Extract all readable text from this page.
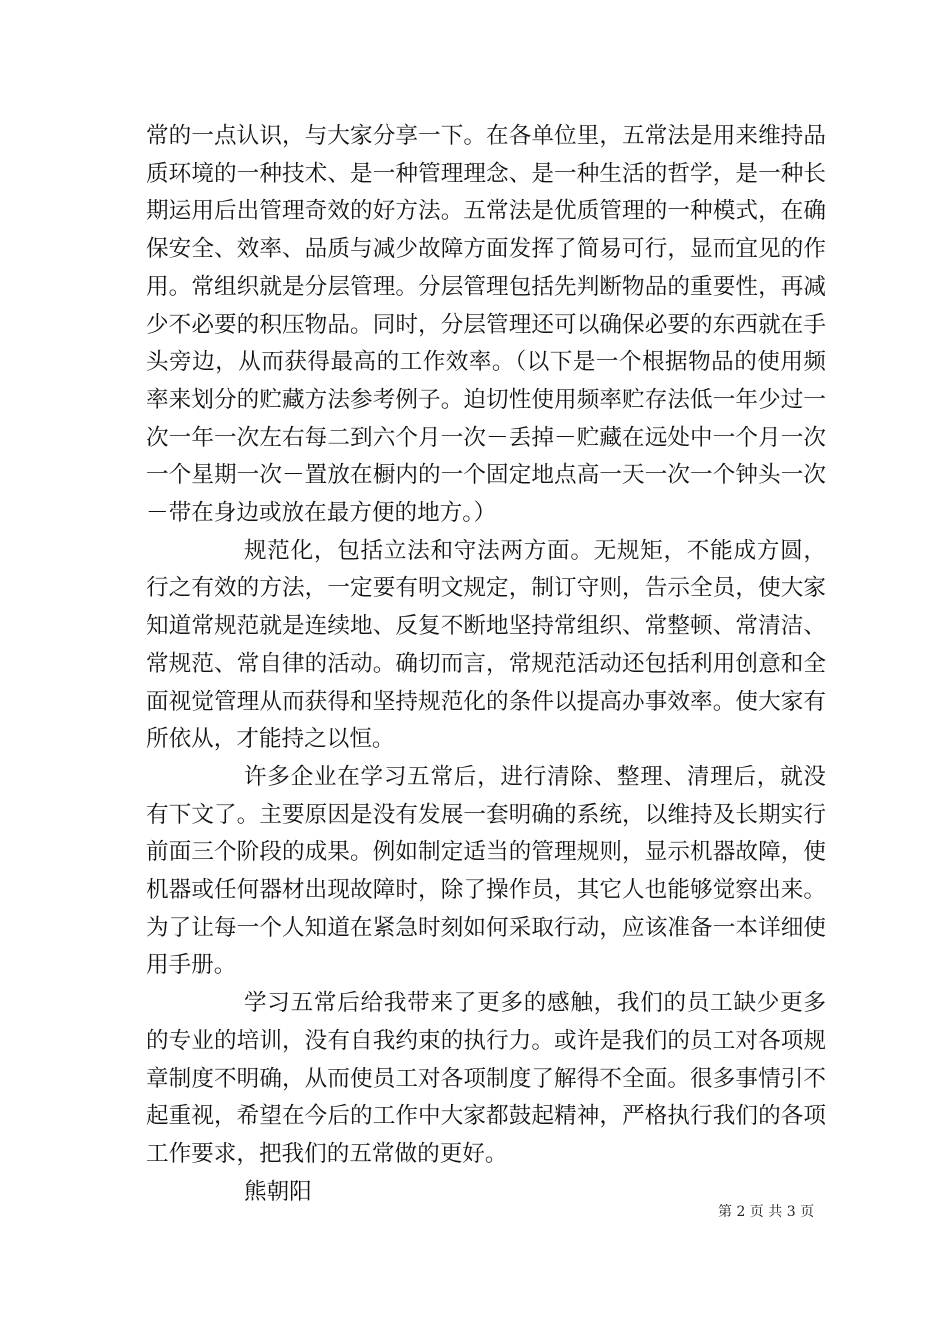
常的一点认识，与大家分享一下。在各单位里，五常法是用来维持品质环境的一种技术、是一种管理理念、是一种生活的哲学，是一种长期运用后出管理奇效的好方法。五常法是优质管理的一种模式，在确保安全、效率、品质与减少故障方面发挥了简易可行，显而宜见的作用。常组织就是分层管理。分层管理包括先判断物品的重要性，再减少不必要的积压物品。同时，分层管理还可以确保必要的东西就在手头旁边，从而获得最高的工作效率。（以下是一个根据物品的使用频率来划分的贮藏方法参考例子。迫切性使用频率贮存法低一年少过一次一年一次左右每二到六个月一次－丢掉－贮藏在远处中一个月一次一个星期一次－置放在橱内的一个固定地点高一天一次一个钟头一次－带在身边或放在最方便的地方。）

规范化，包括立法和守法两方面。无规矩，不能成方圆，行之有效的方法，一定要有明文规定，制订守则，告示全员，使大家知道常规范就是连续地、反复不断地坚持常组织、常整顿、常清洁、常规范、常自律的活动。确切而言，常规范活动还包括利用创意和全面视觉管理从而获得和坚持规范化的条件以提高办事效率。使大家有所依从，才能持之以恒。

许多企业在学习五常后，进行清除、整理、清理后，就没有下文了。主要原因是没有发展一套明确的系统，以维持及长期实行前面三个阶段的成果。例如制定适当的管理规则，显示机器故障，使机器或任何器材出现故障时，除了操作员，其它人也能够觉察出来。为了让每一个人知道在紧急时刻如何采取行动，应该准备一本详细使用手册。

学习五常后给我带来了更多的感触，我们的员工缺少更多的专业的培训，没有自我约束的执行力。或许是我们的员工对各项规章制度不明确，从而使员工对各项制度了解得不全面。很多事情引不起重视，希望在今后的工作中大家都鼓起精神，严格执行我们的各项工作要求，把我们的五常做的更好。

熊朝阳

第 2 页 共 3 页
